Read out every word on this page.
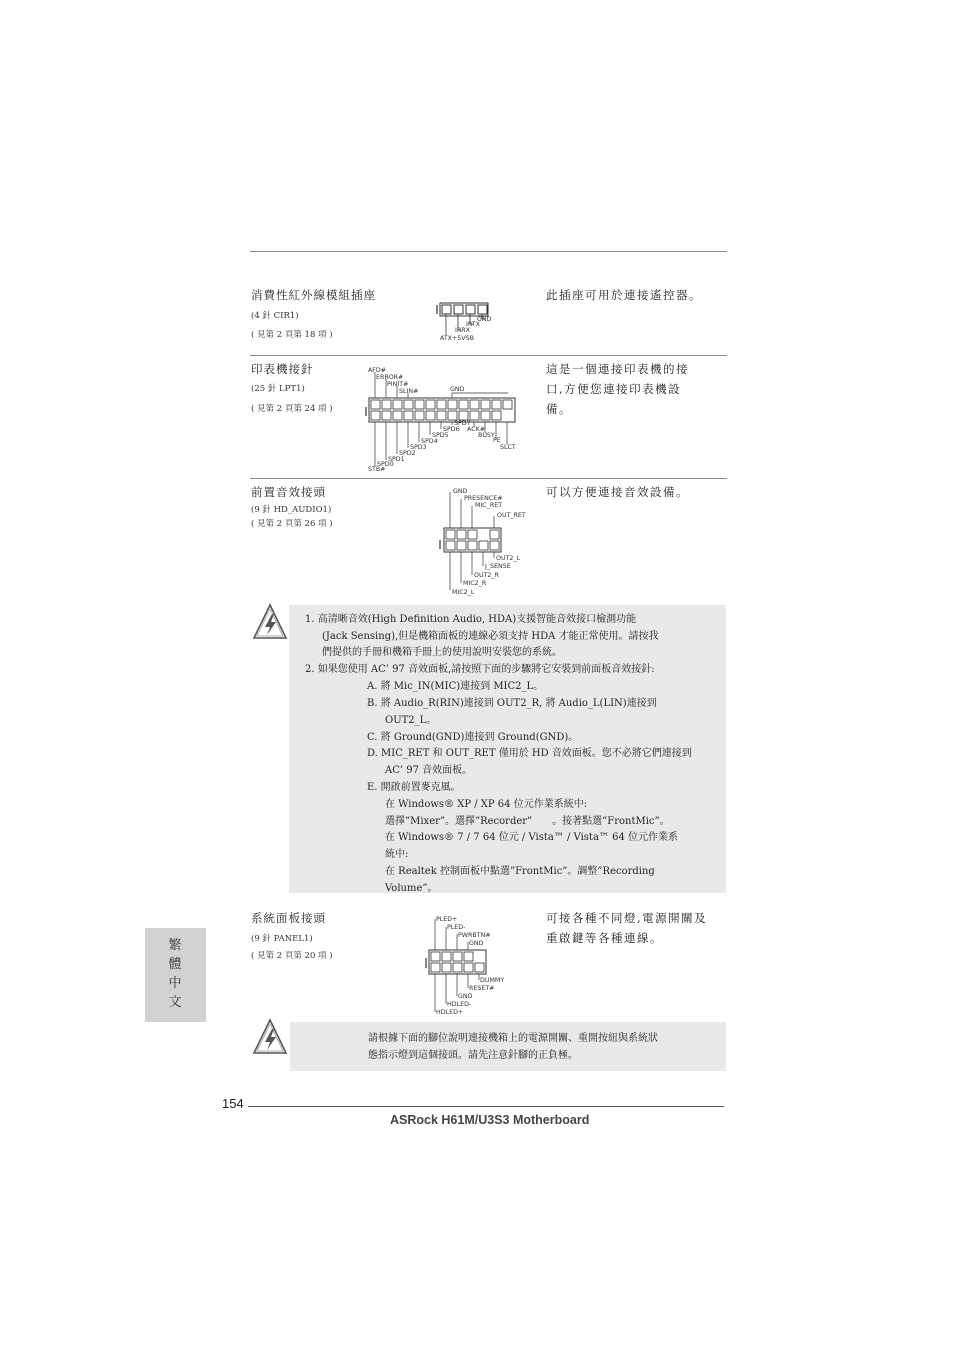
消費性紅外線模組插座
(4 針 CIR1)
( 見第 2 頁第 18 項 )
此插座可用於連接遙控器。
GND
IRTX
IRRX
ATX+5VSB
印表機接針
(25 針 LPT1)
( 見第 2 頁第 24 項 )
這是一個連接印表機的接
口,方便您連接印表機設
備。
AFD#
ERROR#
PINIT#
SLIN#	GND
SPD7
ACK#
BUSY
PE
SLCT
SPD6
SPD5
SPD4
SPD3
SPD2
SPD1
SPD0
STB#
前置音效接頭
(9 針 HD_AUDIO1)
( 見第 2 頁第 26 項 )
可以方便連接音效設備。
GND
PRESENCE#
MIC_RET
OUT_RET
OUT2_L
J_SENSE
OUT2_R
MIC2_R
MIC2_L
1. 高清晰音效(High Definition Audio, HDA)支援智能音效接口檢測功能
(Jack Sensing),但是機箱面板的連線必須支持 HDA 才能正常使用。請按我
們提供的手冊和機箱手冊上的使用說明安裝您的系統。
2. 如果您使用 AC’ 97 音效面板,請按照下面的步驟將它安裝到前面板音效接針:
A. 將 Mic_IN(MIC)連接到 MIC2_L。
B. 將 Audio_R(RIN)連接到 OUT2_R, 將 Audio_L(LIN)連接到
OUT2_L。
C. 將 Ground(GND)連接到 Ground(GND)。
D. MIC_RET 和 OUT_RET 僅用於 HD 音效面板。您不必將它們連接到
AC’ 97 音效面板。
E. 開啟前置麥克風。
在 Windows® XP / XP 64 位元作業系統中:
選擇”Mixer”。選擇”Recorder”　　。接著點選”FrontMic”。
在 Windows® 7 / 7 64 位元 / Vista™ / Vista™ 64 位元作業系
統中:
在 Realtek 控制面板中點選”FrontMic”。調整”Recording
Volume”。
系統面板接頭
(9 針 PANEL1)
( 見第 2 頁第 20 項 )
可接各種不同燈,電源開關及
重啟鍵等各種連線。
PLED+
PLED-
PWRBTN#
GND
DUMMY
RESET#
GND
HDLED-
HDLED+
繁體中文
請根據下面的腳位說明連接機箱上的電源開關、重開按紐與系統狀
態指示燈到這個接頭。請先注意針腳的正負極。
154
ASRock H61M/U3S3 Motherboard
